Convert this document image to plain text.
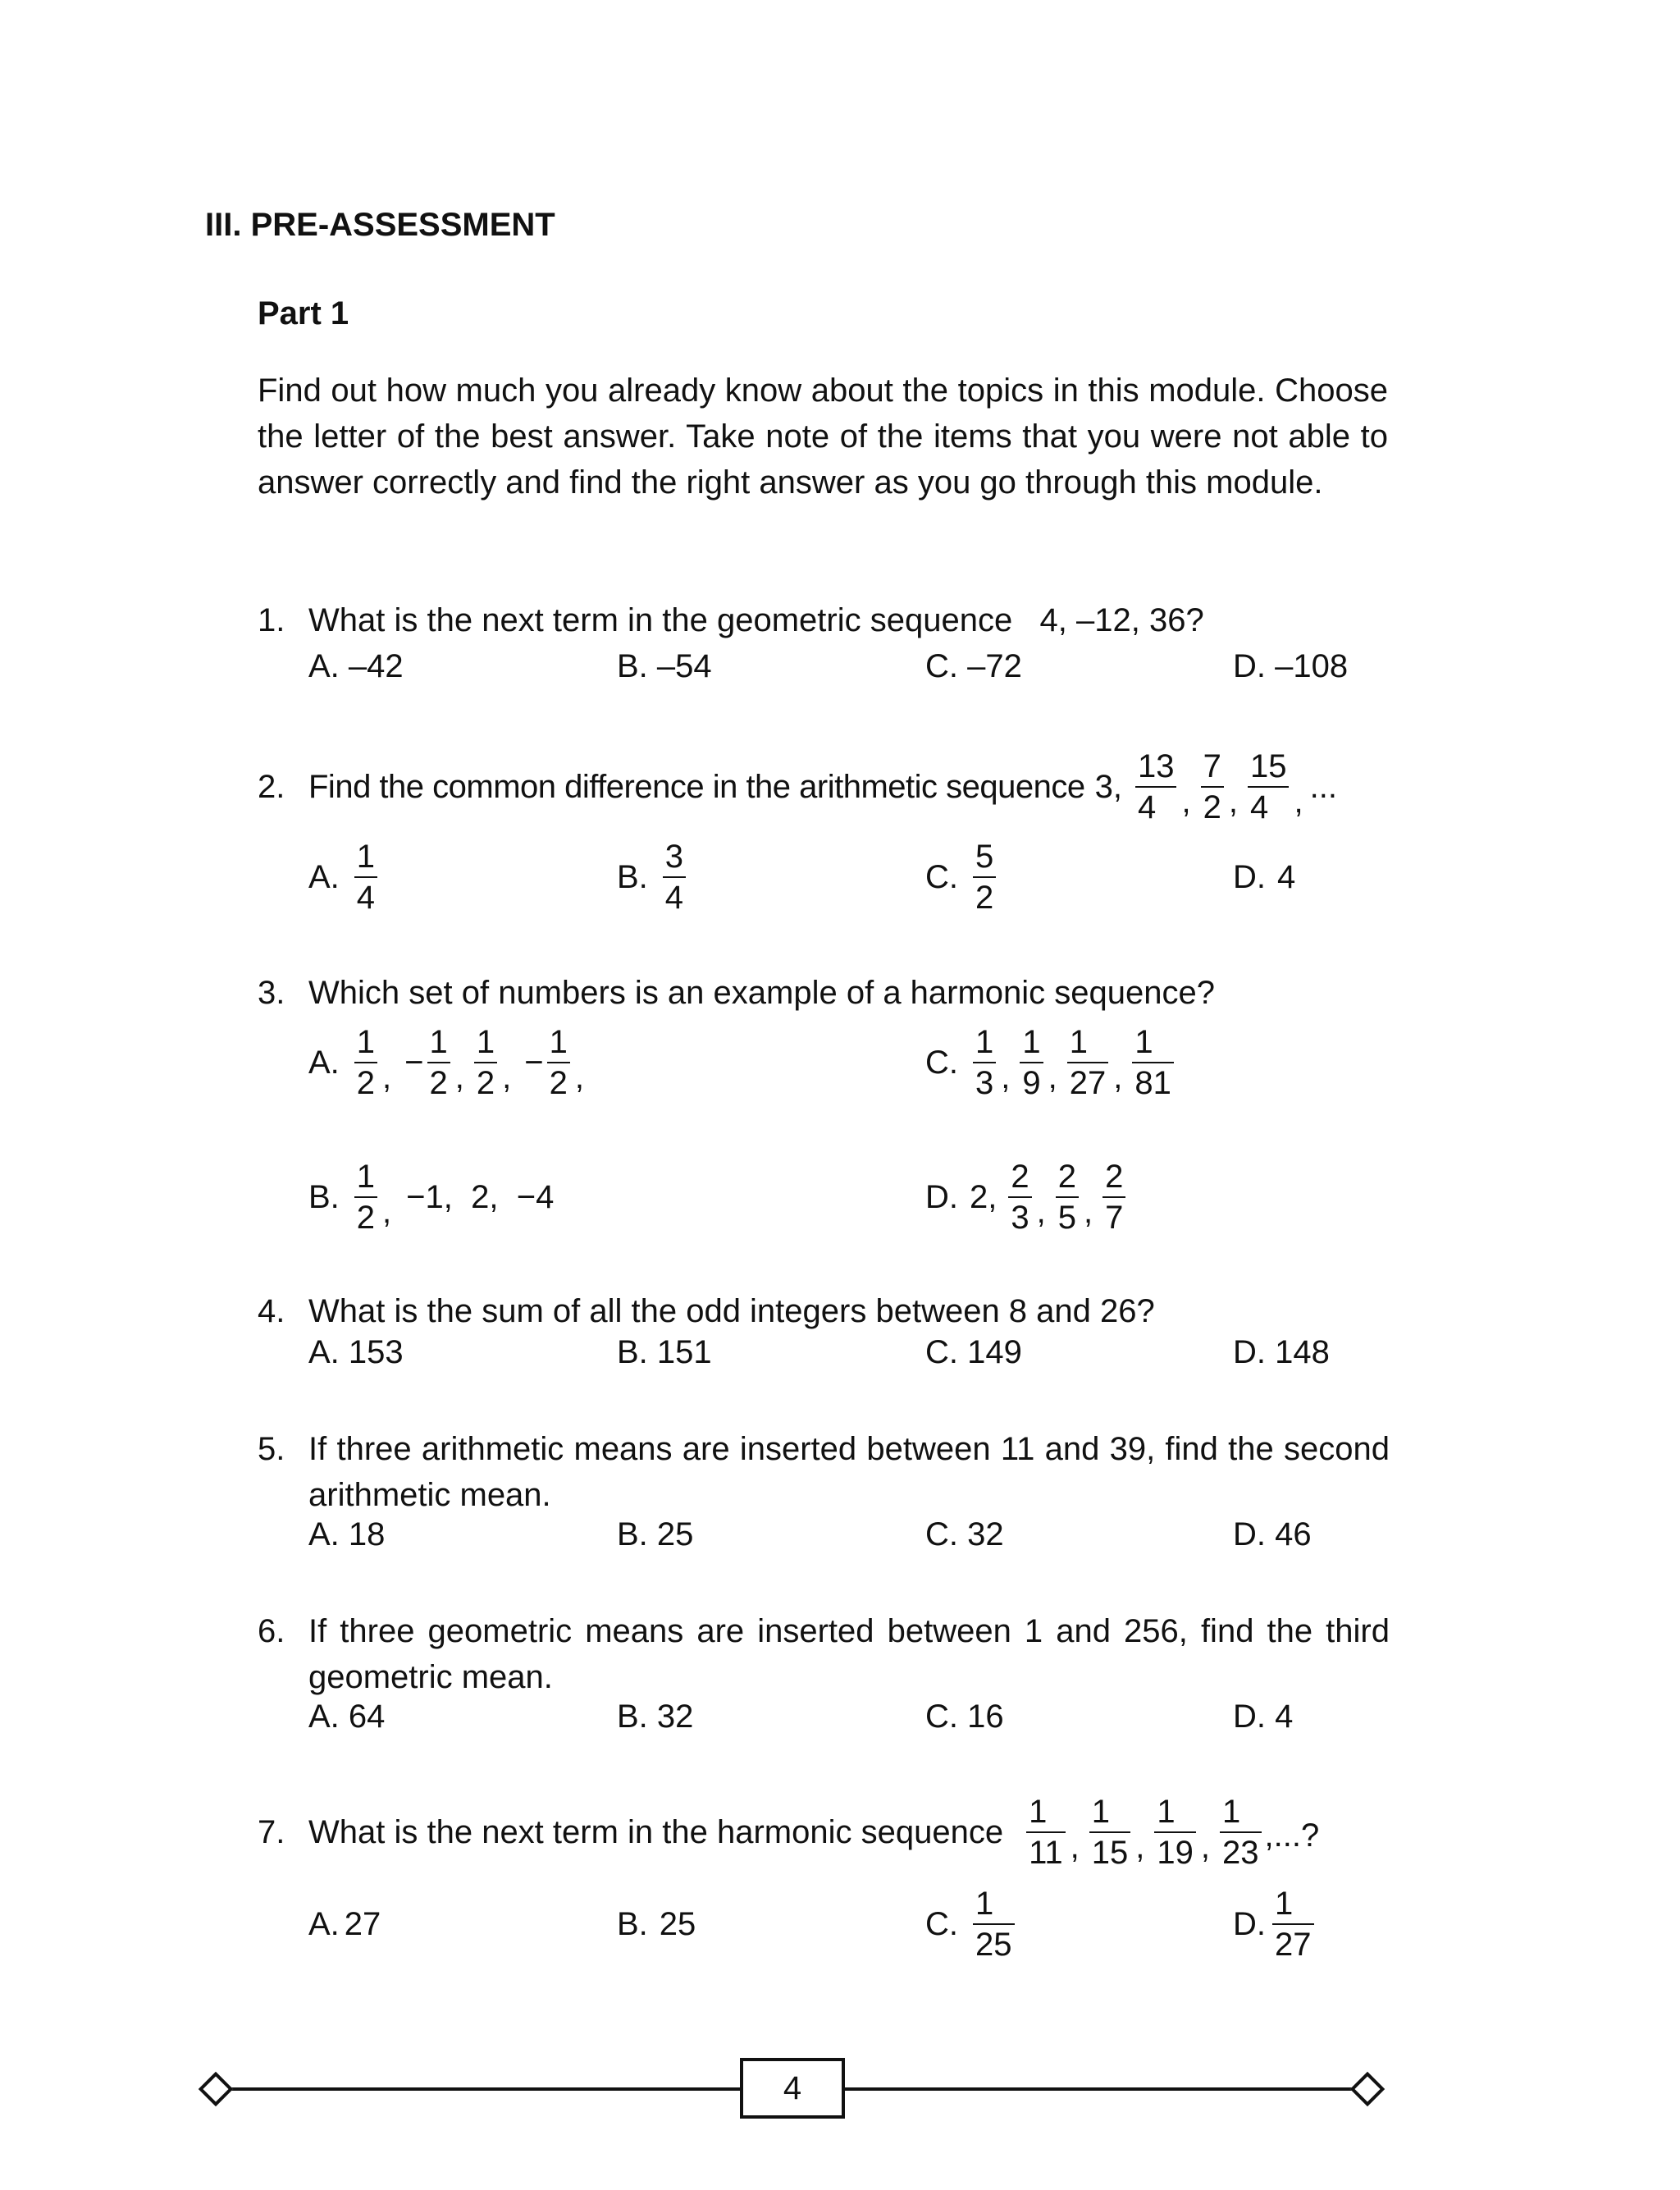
III. PRE-ASSESSMENT
Part 1
Find out how much you already know about the topics in this module. Choose the letter of the best answer. Take note of the items that you were not able to answer correctly and find the right answer as you go through this module.
1. What is the next term in the geometric sequence 4, –12, 36?
A. –42	B. –54	C. –72	D. –108
2. Find the common difference in the arithmetic sequence 3, $\frac{13}{4}$ , $\frac{7}{2}$ , $\frac{15}{4}$ , ...
A. $\frac{1}{4}$	B. $\frac{3}{4}$	C. $\frac{5}{2}$	D. 4
3. Which set of numbers is an example of a harmonic sequence?
A. $\frac{1}{2}$ , − $\frac{1}{2}$ , $\frac{1}{2}$ , − $\frac{1}{2}$ ,	C. $\frac{1}{3}$ , $\frac{1}{9}$ , $\frac{1}{27}$ , $\frac{1}{81}$
B. $\frac{1}{2}$ , −1,  2,  −4	D. 2, $\frac{2}{3}$ , $\frac{2}{5}$ , $\frac{2}{7}$
4. What is the sum of all the odd integers between 8 and 26?
A. 153	B. 151	C. 149	D. 148
5. If three arithmetic means are inserted between 11 and 39, find the second arithmetic mean.
A. 18	B. 25	C. 32	D. 46
6. If three geometric means are inserted between 1 and 256, find the third geometric mean.
A. 64	B. 32	C. 16	D. 4
7. What is the next term in the harmonic sequence $\frac{1}{11}$ , $\frac{1}{15}$ , $\frac{1}{19}$ , $\frac{1}{23}$ ,...?
A. 27	B. 25	C. $\frac{1}{25}$	D. $\frac{1}{27}$
4
